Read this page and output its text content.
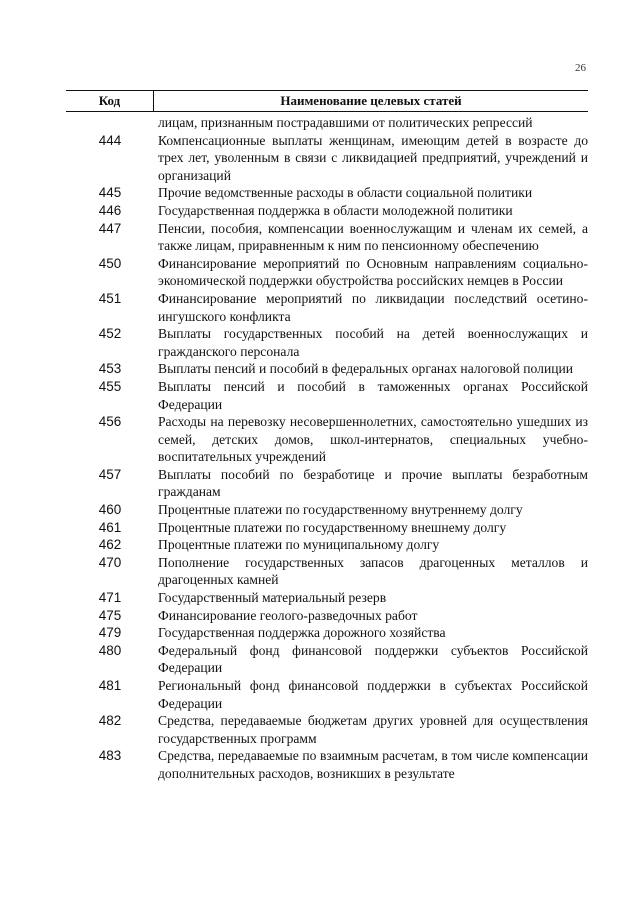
26
Код	Наименование целевых статей
лицам, признанным пострадавшими от политических репрессий
444	Компенсационные выплаты женщинам, имеющим детей в возрасте до трех лет, уволенным в связи с ликвидацией предприятий, учреждений и организаций
445	Прочие ведомственные расходы в области социальной политики
446	Государственная поддержка в области молодежной политики
447	Пенсии, пособия, компенсации военнослужащим и членам их семей, а также лицам, приравненным к ним по пенсионному обеспечению
450	Финансирование мероприятий по Основным направлениям социально-экономической поддержки обустройства российских немцев в России
451	Финансирование мероприятий по ликвидации последствий осетино-ингушского конфликта
452	Выплаты государственных пособий на детей военнослужащих и гражданского персонала
453	Выплаты пенсий и пособий в федеральных органах налоговой полиции
455	Выплаты пенсий и пособий в таможенных органах Российской Федерации
456	Расходы на перевозку несовершеннолетних, самостоятельно ушедших из семей, детских домов, школ-интернатов, специальных учебно-воспитательных учреждений
457	Выплаты пособий по безработице и прочие выплаты безработным гражданам
460	Процентные платежи по государственному внутреннему долгу
461	Процентные платежи по государственному внешнему долгу
462	Процентные платежи по муниципальному долгу
470	Пополнение государственных запасов драгоценных металлов и драгоценных камней
471	Государственный материальный резерв
475	Финансирование геолого-разведочных работ
479	Государственная поддержка дорожного хозяйства
480	Федеральный фонд финансовой поддержки субъектов Российской Федерации
481	Региональный фонд финансовой поддержки в субъектах Российской Федерации
482	Средства, передаваемые бюджетам других уровней для осуществления государственных программ
483	Средства, передаваемые по взаимным расчетам, в том числе компенсации дополнительных расходов, возникших в результате
